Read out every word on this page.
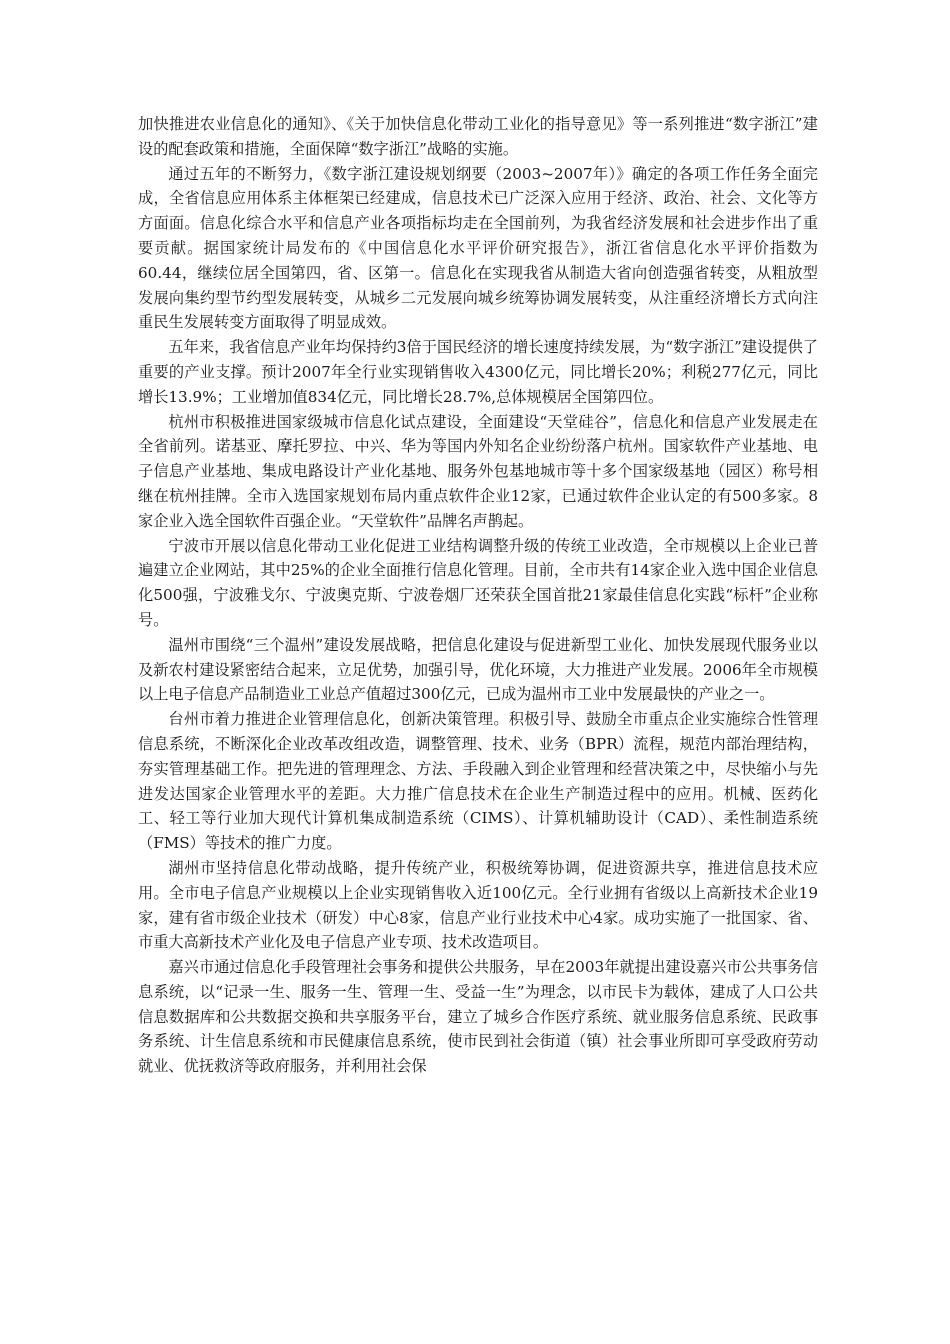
加快推进农业信息化的通知》、《关于加快信息化带动工业化的指导意见》等一系列推进“数字浙江”建设的配套政策和措施，全面保障“数字浙江”战略的实施。

通过五年的不断努力，《数字浙江建设规划纲要（2003~2007年）》确定的各项工作任务全面完成，全省信息应用体系主体框架已经建成，信息技术已广泛深入应用于经济、政治、社会、文化等方方面面。信息化综合水平和信息产业各项指标均走在全国前列，为我省经济发展和社会进步作出了重要贡献。据国家统计局发布的《中国信息化水平评价研究报告》，浙江省信息化水平评价指数为60.44，继续位居全国第四，省、区第一。信息化在实现我省从制造大省向创造强省转变，从粗放型发展向集约型节约型发展转变，从城乡二元发展向城乡统筹协调发展转变，从注重经济增长方式向注重民生发展转变方面取得了明显成效。

五年来，我省信息产业年均保持约3倍于国民经济的增长速度持续发展，为“数字浙江”建设提供了重要的产业支撑。预计2007年全行业实现销售收入4300亿元，同比增长20%；利税277亿元，同比增长13.9%；工业增加值834亿元，同比增长28.7%,总体规模居全国第四位。

杭州市积极推进国家级城市信息化试点建设，全面建设“天堂硅谷”，信息化和信息产业发展走在全省前列。诺基亚、摩托罗拉、中兴、华为等国内外知名企业纷纷落户杭州。国家软件产业基地、电子信息产业基地、集成电路设计产业化基地、服务外包基地城市等十多个国家级基地（园区）称号相继在杭州挂牌。全市入选国家规划布局内重点软件企业12家，已通过软件企业认定的有500多家。8家企业入选全国软件百强企业。“天堂软件”品牌名声鹊起。

宁波市开展以信息化带动工业化促进工业结构调整升级的传统工业改造，全市规模以上企业已普遍建立企业网站，其中25%的企业全面推行信息化管理。目前，全市共有14家企业入选中国企业信息化500强，宁波雅戈尔、宁波奥克斯、宁波卷烟厂还荣获全国首批21家最佳信息化实践“标杆”企业称号。

温州市围绕“三个温州”建设发展战略，把信息化建设与促进新型工业化、加快发展现代服务业以及新农村建设紧密结合起来，立足优势，加强引导，优化环境，大力推进产业发展。2006年全市规模以上电子信息产品制造业工业总产值超过300亿元，已成为温州市工业中发展最快的产业之一。

台州市着力推进企业管理信息化，创新决策管理。积极引导、鼓励全市重点企业实施综合性管理信息系统，不断深化企业改革改组改造，调整管理、技术、业务（BPR）流程，规范内部治理结构，夯实管理基础工作。把先进的管理理念、方法、手段融入到企业管理和经营决策之中，尽快缩小与先进发达国家企业管理水平的差距。大力推广信息技术在企业生产制造过程中的应用。机械、医药化工、轻工等行业加大现代计算机集成制造系统（CIMS）、计算机辅助设计（CAD）、柔性制造系统（FMS）等技术的推广力度。

湖州市坚持信息化带动战略，提升传统产业，积极统筹协调，促进资源共享，推进信息技术应用。全市电子信息产业规模以上企业实现销售收入近100亿元。全行业拥有省级以上高新技术企业19家，建有省市级企业技术（研发）中心8家，信息产业行业技术中心4家。成功实施了一批国家、省、市重大高新技术产业化及电子信息产业专项、技术改造项目。

嘉兴市通过信息化手段管理社会事务和提供公共服务，早在2003年就提出建设嘉兴市公共事务信息系统，以“记录一生、服务一生、管理一生、受益一生”为理念，以市民卡为载体，建成了人口公共信息数据库和公共数据交换和共享服务平台，建立了城乡合作医疗系统、就业服务信息系统、民政事务系统、计生信息系统和市民健康信息系统，使市民到社会街道（镇）社会事业所即可享受政府劳动就业、优抚救济等政府服务，并利用社会保
